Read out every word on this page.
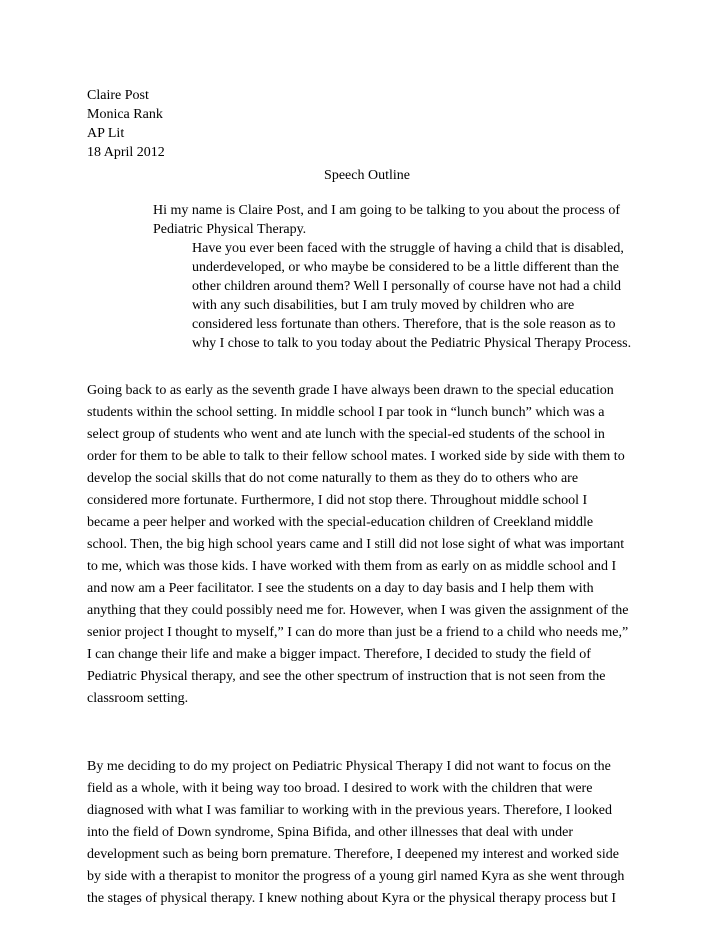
Claire Post
Monica Rank
AP Lit
18 April 2012
Speech Outline
Hi my name is Claire Post, and I am going to be talking to you about the process of
Pediatric Physical Therapy.
Have you ever been faced with the struggle of having a child that is disabled,
underdeveloped, or who maybe be considered to be a little different than the
other children around them? Well I personally of course have not had a child
with any such disabilities, but I am truly moved by children who are
considered less fortunate than others. Therefore, that is the sole reason as to
why I chose to talk to you today about the Pediatric Physical Therapy Process.
Going back to as early as the seventh grade I have always been drawn to the special education
students within the school setting. In middle school I par took in “lunch bunch” which was a
select group of students who went and ate lunch with the special-ed students of the school in
order for them to be able to talk to their fellow school mates. I worked side by side with them to
develop the social skills that do not come naturally to them as they do to others who are
considered more fortunate. Furthermore, I did not stop there. Throughout middle school I
became a peer helper and worked with the special-education children of Creekland middle
school. Then, the big high school years came and I still did not lose sight of what was important
to me, which was those kids. I have worked with them from as early on as middle school and I
and now am a Peer facilitator. I see the students on a day to day basis and I help them with
anything that they could possibly need me for. However, when I was given the assignment of the
senior project I thought to myself,” I can do more than just be a friend to a child who needs me,”
I can change their life and make a bigger impact. Therefore, I decided to study the field of
Pediatric Physical therapy, and see the other spectrum of instruction that is not seen from the
classroom setting.
By me deciding to do my project on Pediatric Physical Therapy I did not want to focus on the
field as a whole, with it being way too broad. I desired to work with the children that were
diagnosed with what I was familiar to working with in the previous years. Therefore, I looked
into the field of Down syndrome, Spina Bifida, and other illnesses that deal with under
development such as being born premature. Therefore, I deepened my interest and worked side
by side with a therapist to monitor the progress of a young girl named Kyra as she went through
the stages of physical therapy. I knew nothing about Kyra or the physical therapy process but I
